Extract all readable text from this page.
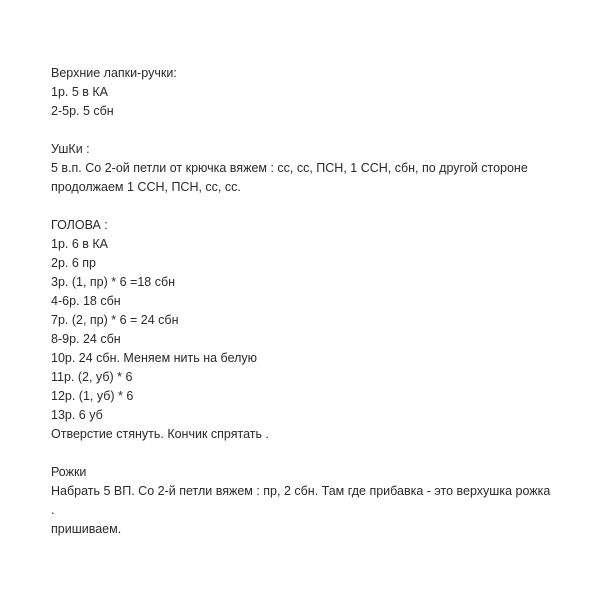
Верхние лапки-ручки:
1р. 5 в КА
2-5р. 5 сбн
УшКи :
5 в.п. Со 2-ой петли от крючка вяжем : сс, сс, ПСН, 1 ССН, сбн, по другой стороне продолжаем 1 ССН, ПСН, сс, сс.
ГОЛОВА :
1р. 6 в КА
2р. 6 пр
3р. (1, пр) * 6 =18 сбн
4-6р. 18 сбн
7р. (2, пр) * 6 = 24 сбн
8-9р. 24 сбн
10р. 24 сбн. Меняем нить на белую
11р. (2, уб) * 6
12р. (1, уб) * 6
13р. 6 уб
Отверстие стянуть. Кончик спрятать .
Рожки
Набрать 5 ВП. Со 2-й петли вяжем : пр, 2 сбн. Там где прибавка - это верхушка рожка .
пришиваем.
